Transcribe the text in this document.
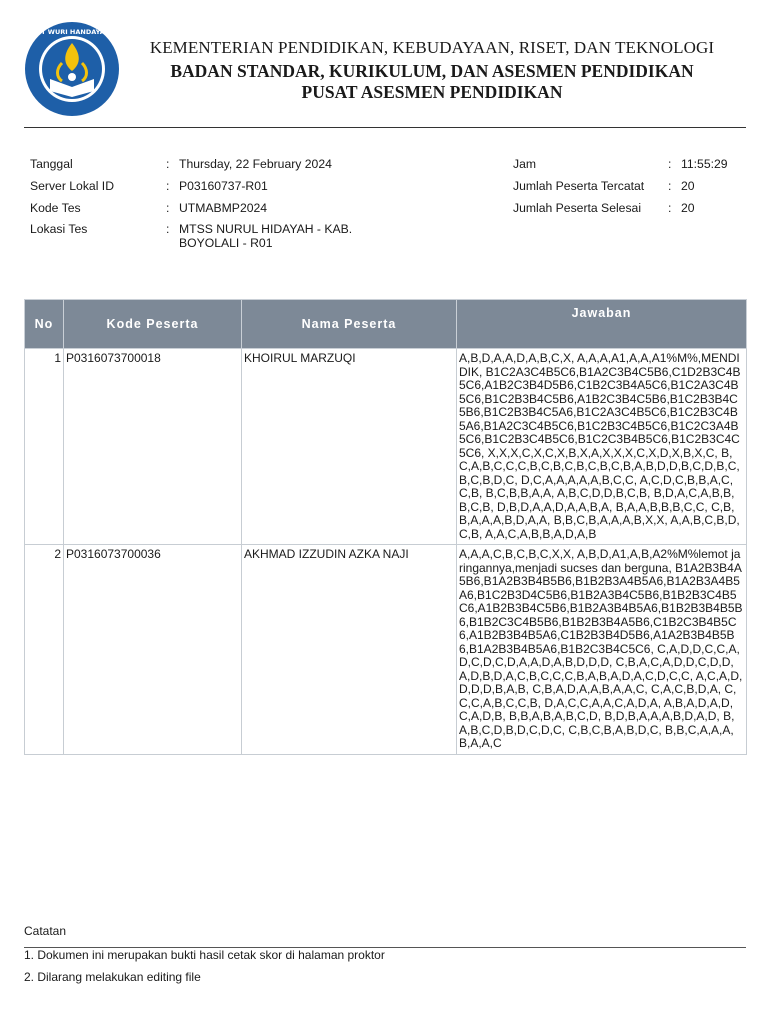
TUT WURI HANDAYANI
KEMENTERIAN PENDIDIKAN, KEBUDAYAAN, RISET, DAN TEKNOLOGI
BADAN STANDAR, KURIKULUM, DAN ASESMEN PENDIDIKAN
PUSAT ASESMEN PENDIDIKAN
Tanggal	: Thursday, 22 February 2024
Server Lokal ID	: P03160737-R01
Kode Tes	: UTMABMP2024
Lokasi Tes	: MTSS NURUL HIDAYAH - KAB. BOYOLALI - R01
Jam	: 11:55:29
Jumlah Peserta Tercatat : 20
Jumlah Peserta Selesai : 20
No	Kode Peserta	Nama Peserta	Jawaban
1	P0316073700018	KHOIRUL MARZUQI	A,B,D,A,A,D,A,B,C,X, A,A,A,A1,A,A,A1%M%,MENDIDIK, B1C2A3C4B5C6,B1A2C3B4C5B6,C1D2B3C4B5C6,A1B2C3B4D5B6,C1B2C3B4A5C6,B1C2A3C4B5C6,B1C2B3B4C5B6,A1B2C3B4C5B6,B1C2B3B4C5B6,B1C2B3B4C5A6,B1C2A3C4B5C6,B1C2B3C4B5A6,B1A2C3C4B5C6,B1C2B3C4B5C6,B1C2C3A4B5C6,B1C2B3C4B5C6,B1C2C3B4B5C6,B1C2B3C4C5C6, X,X,X,C,X,C,X,B,X,A,X,X,X,C,X,D,X,B,X,C, B,C,A,B,C,C,C,B,C,B,C,B,C,B,C,B,A,B,D,D,B,C,D,B,C,B,C,B,D,C, D,C,A,A,A,A,A,B,C,C, A,C,D,C,B,B,A,C,C,B, B,C,B,B,A,A, A,B,C,D,D,B,C,B, B,D,A,C,A,B,B,B,C,B, D,B,D,A,A,D,A,A,B,A, B,A,A,B,B,B,C,C, C,B,B,A,A,A,B,D,A,A, B,B,C,B,A,A,A,B,X,X, A,A,B,C,B,D,C,B, A,A,C,A,B,B,A,D,A,B
2	P0316073700036	AKHMAD IZZUDIN AZKA NAJI	A,A,A,C,B,C,B,C,X,X, A,B,D,A1,A,B,A2%M%lemot jaringannya,menjadi sucses dan berguna, B1A2B3B4A5B6,B1A2B3B4B5B6,B1B2B3A4B5A6,B1A2B3A4B5A6,B1C2B3D4C5B6,B1B2A3B4C5B6,B1B2B3C4B5C6,A1B2B3B4C5B6,B1B2A3B4B5A6,B1B2B3B4B5B6,B1B2C3C4B5B6,B1B2B3B4A5B6,C1B2C3B4B5C6,A1B2B3B4B5A6,C1B2B3B4D5B6,A1A2B3B4B5B6,B1A2B3B4B5A6,B1B2C3B4C5C6, C,A,D,D,C,C,A,D,C,D,C,D,A,A,D,A,B,D,D,D, C,B,A,C,A,D,D,C,D,D,A,D,B,D,A,C,B,C,C,C,B,A,B,A,D,A,C,D,C,C, A,C,A,D,D,D,D,B,A,B, C,B,A,D,A,A,B,A,A,C, C,A,C,B,D,A, C,C,C,A,B,C,C,B, D,A,C,C,A,A,C,A,D,A, A,B,A,D,A,D,C,A,D,B, B,B,A,B,A,B,C,D, B,D,B,A,A,A,B,D,A,D, B,A,B,C,D,B,D,C,D,C, C,B,C,B,A,B,D,C, B,B,C,A,A,A,B,A,A,C
Catatan
1. Dokumen ini merupakan bukti hasil cetak skor di halaman proktor
2. Dilarang melakukan editing file
